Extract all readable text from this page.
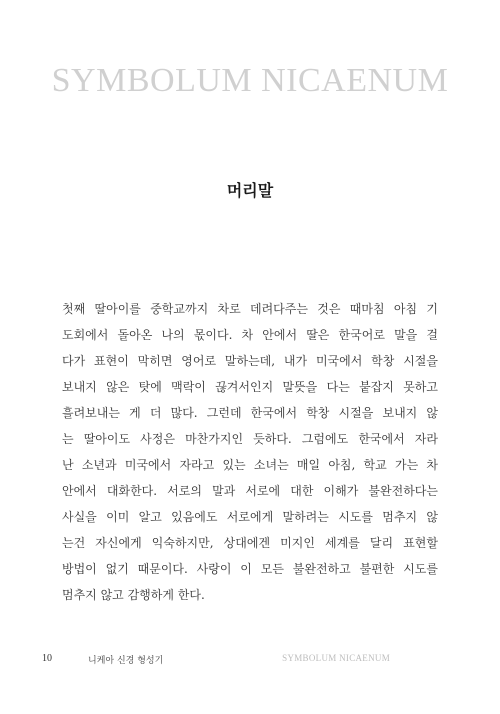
SYMBOLUM NICAENUM
머리말
첫째 딸아이를 중학교까지 차로 데려다주는 것은 때마침 아침 기
도회에서 돌아온 나의 몫이다. 차 안에서 딸은 한국어로 말을 걸
다가 표현이 막히면 영어로 말하는데, 내가 미국에서 학창 시절을
보내지 않은 탓에 맥락이 끊겨서인지 말뜻을 다는 붙잡지 못하고
흘려보내는 게 더 많다. 그런데 한국에서 학창 시절을 보내지 않
는 딸아이도 사정은 마찬가지인 듯하다. 그럼에도 한국에서 자라
난 소년과 미국에서 자라고 있는 소녀는 매일 아침, 학교 가는 차
안에서 대화한다. 서로의 말과 서로에 대한 이해가 불완전하다는
사실을 이미 알고 있음에도 서로에게 말하려는 시도를 멈추지 않
는건 자신에게 익숙하지만, 상대에겐 미지인 세계를 달리 표현할
방법이 없기 때문이다. 사랑이 이 모든 불완전하고 불편한 시도를
멈추지 않고 감행하게 한다.
10	니케아 신경 형성기	SYMBOLUM NICAENUM
